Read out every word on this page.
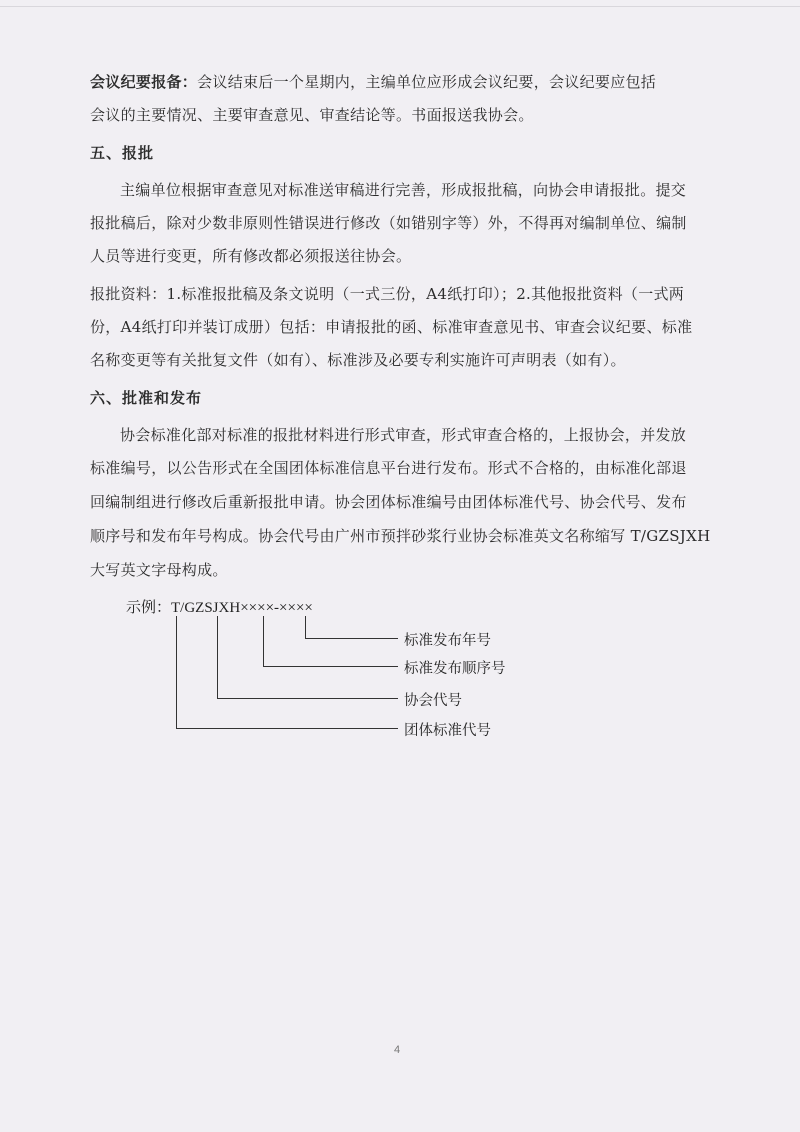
会议纪要报备：会议结束后一个星期内，主编单位应形成会议纪要，会议纪要应包括

会议的主要情况、主要审查意见、审查结论等。书面报送我协会。

五、报批

主编单位根据审查意见对标准送审稿进行完善，形成报批稿，向协会申请报批。提交

报批稿后，除对少数非原则性错误进行修改（如错别字等）外，不得再对编制单位、编制

人员等进行变更，所有修改都必须报送往协会。

报批资料：1.标准报批稿及条文说明（一式三份，A4纸打印）；2.其他报批资料（一式两

份，A4纸打印并装订成册）包括：申请报批的函、标准审查意见书、审查会议纪要、标准

名称变更等有关批复文件（如有）、标准涉及必要专利实施许可声明表（如有）。

六、批准和发布

协会标准化部对标准的报批材料进行形式审查，形式审查合格的，上报协会，并发放

标准编号，以公告形式在全国团体标准信息平台进行发布。形式不合格的，由标准化部退

回编制组进行修改后重新报批申请。协会团体标准编号由团体标准代号、协会代号、发布

顺序号和发布年号构成。协会代号由广州市预拌砂浆行业协会标准英文名称缩写 T/GZSJXH

大写英文字母构成。

示例：T/GZSJXH××××-××××
标准发布年号
标准发布顺序号
协会代号
团体标准代号
4
